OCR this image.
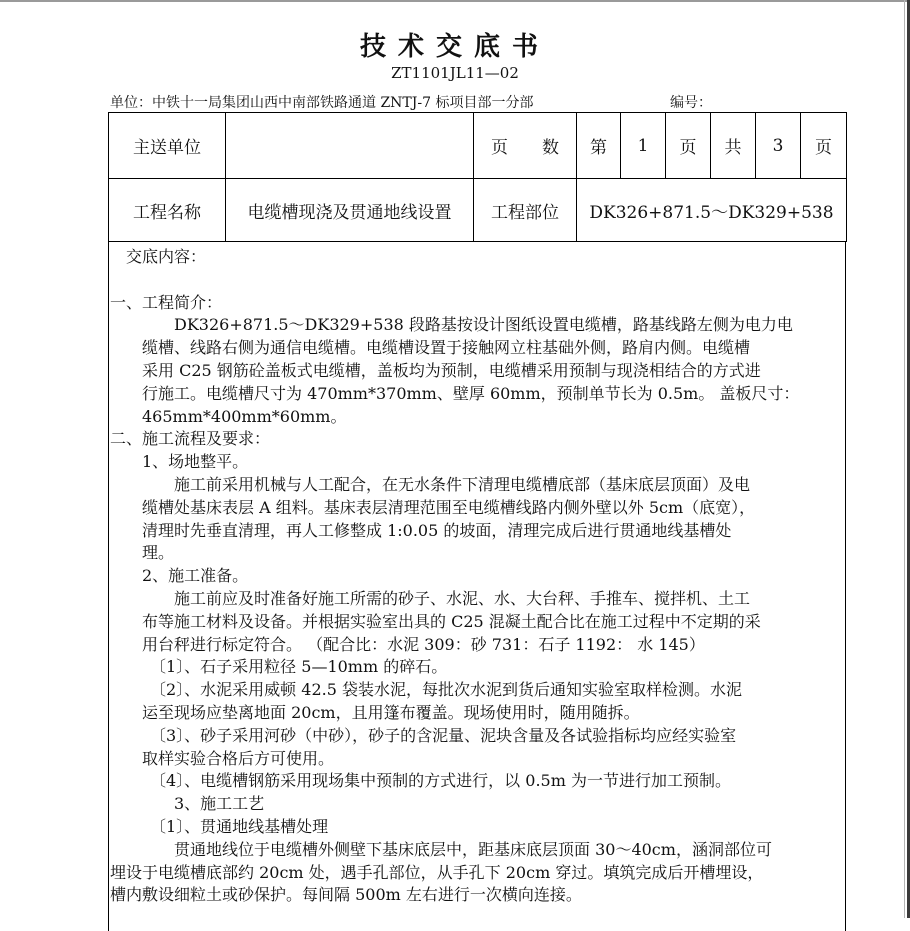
技术交底书
ZT1101JL11—02
单位：中铁十一局集团山西中南部铁路通道 ZNTJ-7 标项目部一分部	编号：
主送单位		页　　数	第	1	页	共	3	页
工程名称	电缆槽现浇及贯通地线设置	工程部位	DK326+871.5～DK329+538					
　交底内容：
一、工程简介：
　　　　DK326+871.5～DK329+538 段路基按设计图纸设置电缆槽，路基线路左侧为电力电
　　缆槽、线路右侧为通信电缆槽。电缆槽设置于接触网立柱基础外侧，路肩内侧。电缆槽
　　采用 C25 钢筋砼盖板式电缆槽，盖板均为预制，电缆槽采用预制与现浇相结合的方式进
　　行施工。电缆槽尺寸为 470mm*370mm、壁厚 60mm，预制单节长为 0.5m。 盖板尺寸：
　　465mm*400mm*60mm。
二、施工流程及要求：
　　1、场地整平。
　　　　施工前采用机械与人工配合，在无水条件下清理电缆槽底部（基床底层顶面）及电
　　缆槽处基床表层 A 组料。基床表层清理范围至电缆槽线路内侧外壁以外 5cm（底宽），
　　清理时先垂直清理，再人工修整成 1:0.05 的坡面，清理完成后进行贯通地线基槽处
　　理。
　　2、施工准备。
　　　　施工前应及时准备好施工所需的砂子、水泥、水、大台秤、手推车、搅拌机、土工
　　布等施工材料及设备。并根据实验室出具的 C25 混凝土配合比在施工过程中不定期的采
　　用台秤进行标定符合。 （配合比：水泥 309：砂 731：石子 1192： 水 145）
　　　〔1〕、石子采用粒径 5—10mm 的碎石。
　　　〔2〕、水泥采用威顿 42.5 袋装水泥，每批次水泥到货后通知实验室取样检测。水泥
　　运至现场应垫离地面 20cm，且用篷布覆盖。现场使用时，随用随拆。
　　　〔3〕、砂子采用河砂（中砂），砂子的含泥量、泥块含量及各试验指标均应经实验室
　　取样实验合格后方可使用。
　　　〔4〕、电缆槽钢筋采用现场集中预制的方式进行，以 0.5m 为一节进行加工预制。
　　　　3、施工工艺
　　　〔1〕、贯通地线基槽处理
　　　　贯通地线位于电缆槽外侧壁下基床底层中，距基床底层顶面 30～40cm，涵洞部位可
埋设于电缆槽底部约 20cm 处，遇手孔部位，从手孔下 20cm 穿过。填筑完成后开槽埋设，
槽内敷设细粒土或砂保护。每间隔 500m 左右进行一次横向连接。
